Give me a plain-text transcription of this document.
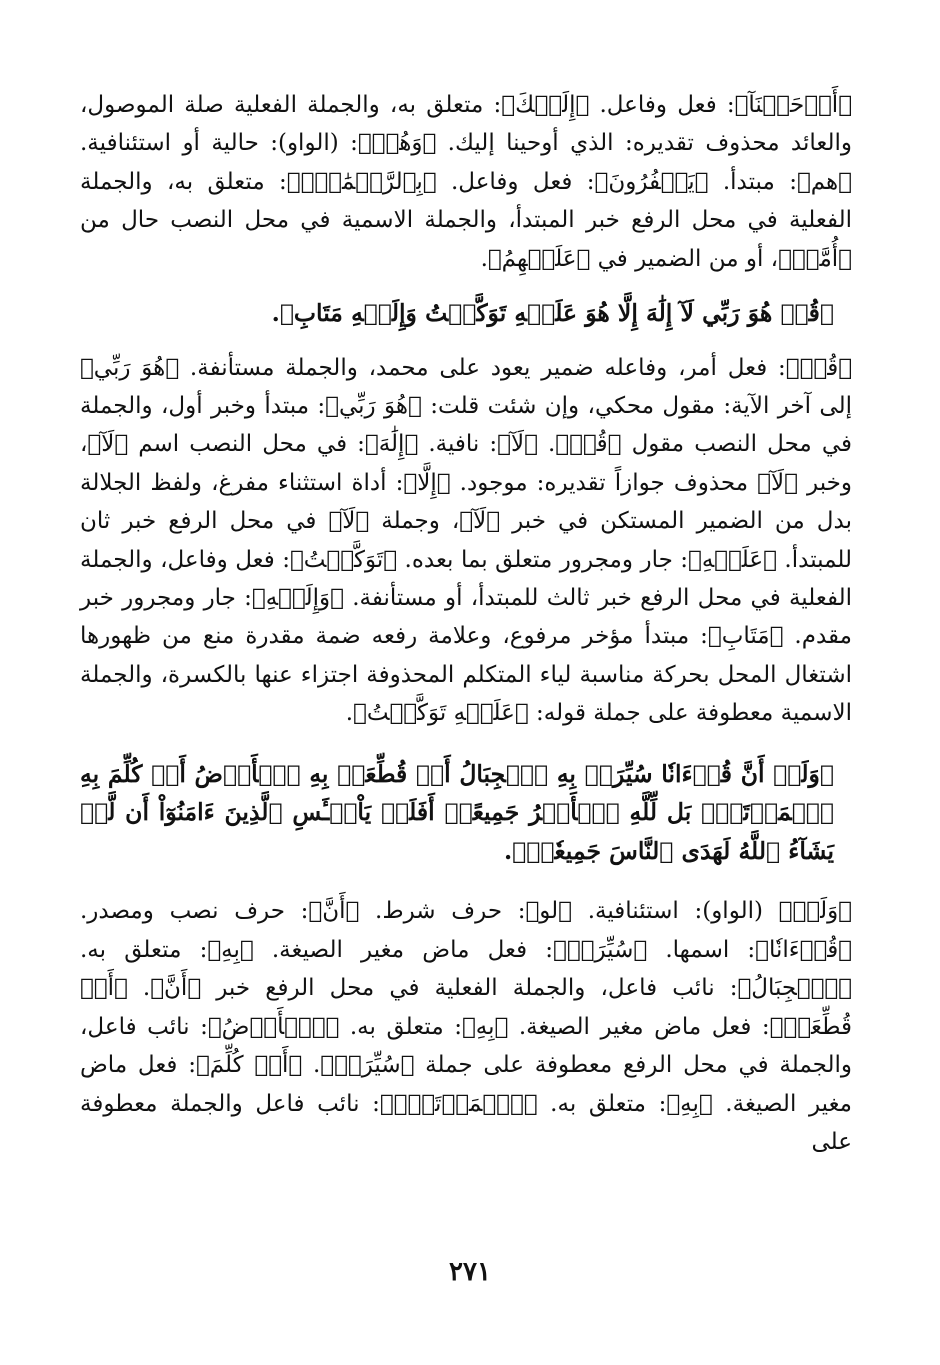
﴿أَوۡحَيۡنَآ﴾: فعل وفاعل. ﴿إِلَيۡكَ﴾: متعلق به، والجملة الفعلية صلة الموصول، والعائد محذوف تقديره: الذي أوحينا إليك. ﴿وَهُمۡ﴾: (الواو): حالية أو استئنافية. ﴿هم﴾: مبتدأ. ﴿يَكۡفُرُونَ﴾: فعل وفاعل. ﴿بِٱلرَّحۡمَٰنِۚ﴾: متعلق به، والجملة الفعلية في محل الرفع خبر المبتدأ، والجملة الاسمية في محل النصب حال من ﴿أُمَّةٖ﴾، أو من الضمير في ﴿عَلَيۡهِمُ﴾.

﴿قُلۡ هُوَ رَبِّي لَآ إِلَٰهَ إِلَّا هُوَ عَلَيۡهِ تَوَكَّلۡتُ وَإِلَيۡهِ مَتَابِ﴾.

﴿قُلۡ﴾: فعل أمر، وفاعله ضمير يعود على محمد، والجملة مستأنفة. ﴿هُوَ رَبِّي﴾ إلى آخر الآية: مقول محكي، وإن شئت قلت: ﴿هُوَ رَبِّي﴾: مبتدأ وخبر أول، والجملة في محل النصب مقول ﴿قُلۡ﴾. ﴿لَآ﴾: نافية. ﴿إِلَٰهَ﴾: في محل النصب اسم ﴿لَآ﴾، وخبر ﴿لَآ﴾ محذوف جوازاً تقديره: موجود. ﴿إِلَّا﴾: أداة استثناء مفرغ، ولفظ الجلالة بدل من الضمير المستكن في خبر ﴿لَآ﴾، وجملة ﴿لَآ﴾ في محل الرفع خبر ثان للمبتدأ. ﴿عَلَيۡهِ﴾: جار ومجرور متعلق بما بعده. ﴿تَوَكَّلۡتُ﴾: فعل وفاعل، والجملة الفعلية في محل الرفع خبر ثالث للمبتدأ، أو مستأنفة. ﴿وَإِلَيۡهِ﴾: جار ومجرور خبر مقدم. ﴿مَتَابِ﴾: مبتدأ مؤخر مرفوع، وعلامة رفعه ضمة مقدرة منع من ظهورها اشتغال المحل بحركة مناسبة لياء المتكلم المحذوفة اجتزاء عنها بالكسرة، والجملة الاسمية معطوفة على جملة قوله: ﴿عَلَيۡهِ تَوَكَّلۡتُ﴾.

﴿وَلَوۡ أَنَّ قُرۡءَانٗا سُيِّرَتۡ بِهِ ٱلۡجِبَالُ أَوۡ قُطِّعَتۡ بِهِ ٱلۡأَرۡضُ أَوۡ كُلِّمَ بِهِ ٱلۡمَوۡتَىٰۗ بَل لِّلَّهِ ٱلۡأَمۡرُ جَمِيعًاۗ أَفَلَمۡ يَاْيۡـَٔسِ ٱلَّذِينَ ءَامَنُوٓاْ أَن لَّوۡ يَشَآءُ ٱللَّهُ لَهَدَى ٱلنَّاسَ جَمِيعٗاۗ﴾.

﴿وَلَوۡ﴾ (الواو): استئنافية. ﴿لو﴾: حرف شرط. ﴿أَنَّ﴾: حرف نصب ومصدر. ﴿قُرۡءَانٗا﴾: اسمها. ﴿سُيِّرَتۡ﴾: فعل ماض مغير الصيغة. ﴿بِهِ﴾: متعلق به. ﴿ٱلۡجِبَالُ﴾: نائب فاعل، والجملة الفعلية في محل الرفع خبر ﴿أَنَّ﴾. ﴿أَوۡ قُطِّعَتۡ﴾: فعل ماض مغير الصيغة. ﴿بِهِ﴾: متعلق به. ﴿ٱلۡأَرۡضُ﴾: نائب فاعل، والجملة في محل الرفع معطوفة على جملة ﴿سُيِّرَتۡ﴾. ﴿أَوۡ كُلِّمَ﴾: فعل ماض مغير الصيغة. ﴿بِهِ﴾: متعلق به. ﴿ٱلۡمَوۡتَىٰۗ﴾: نائب فاعل والجملة معطوفة على

٢٧١
